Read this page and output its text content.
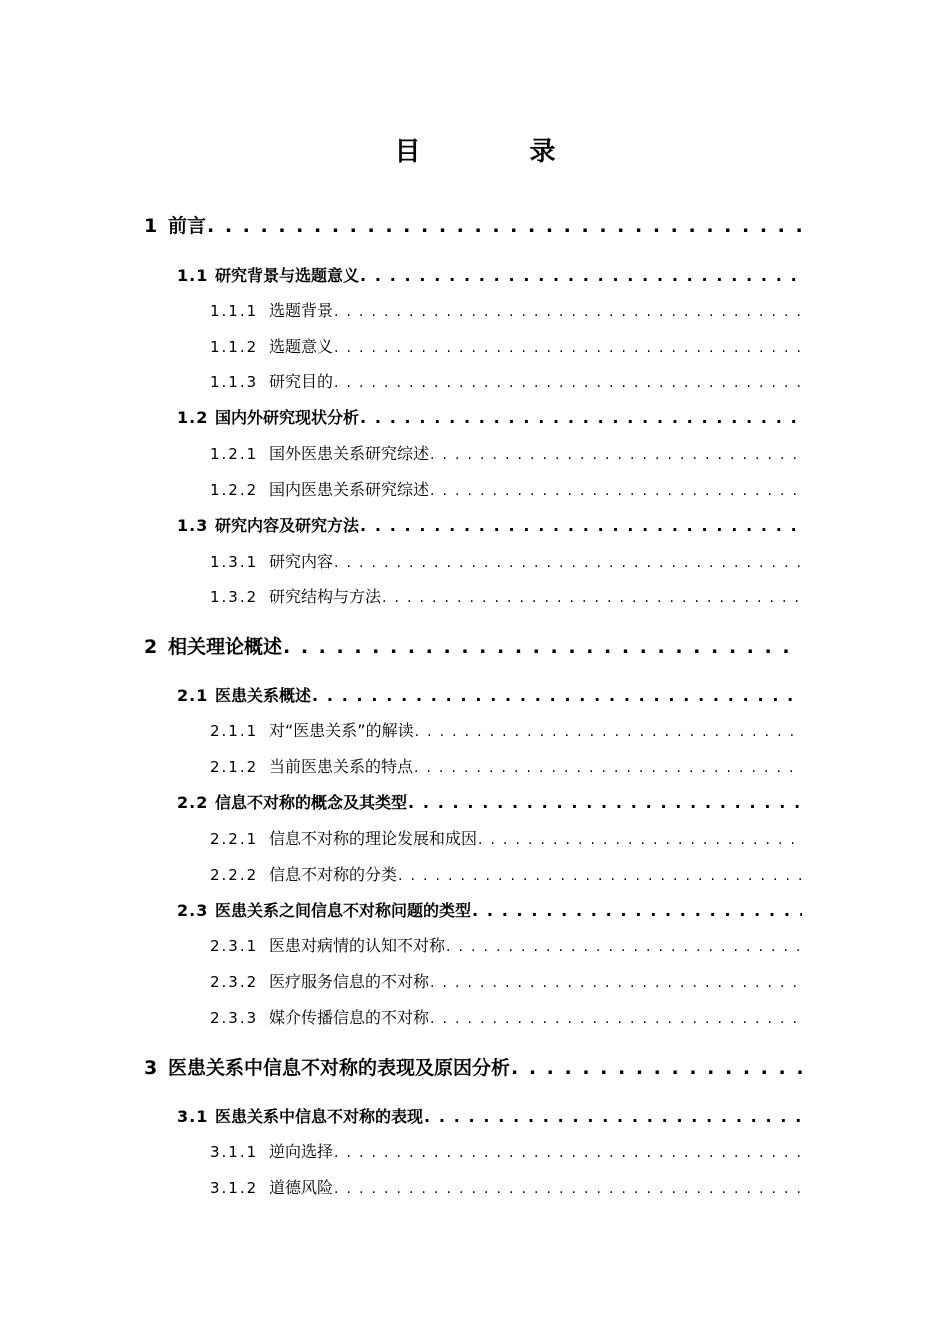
目 录
1 前言
. . .
1.1 研究背景与选题意义
. . .
1.1.1 选题背景
. . .
1.1.2 选题意义
. . .
1.1.3 研究目的
. . .
1.2 国内外研究现状分析
. . .
1.2.1 国外医患关系研究综述
. . .
1.2.2 国内医患关系研究综述
. . .
1.3 研究内容及研究方法
. . .
1.3.1 研究内容
. . .
1.3.2 研究结构与方法
. . .
2 相关理论概述
. . .
2.1 医患关系概述
. . .
2.1.1 对“医患关系”的解读
. . .
2.1.2 当前医患关系的特点
. . .
2.2 信息不对称的概念及其类型
. . .
2.2.1 信息不对称的理论发展和成因
. . .
2.2.2 信息不对称的分类
. . .
2.3 医患关系之间信息不对称问题的类型
. . .
2.3.1 医患对病情的认知不对称
. . .
2.3.2 医疗服务信息的不对称
. . .
2.3.3 媒介传播信息的不对称
. . .
3 医患关系中信息不对称的表现及原因分析
. . .
3.1 医患关系中信息不对称的表现
. . .
3.1.1 逆向选择
. . .
3.1.2 道德风险
. . .
